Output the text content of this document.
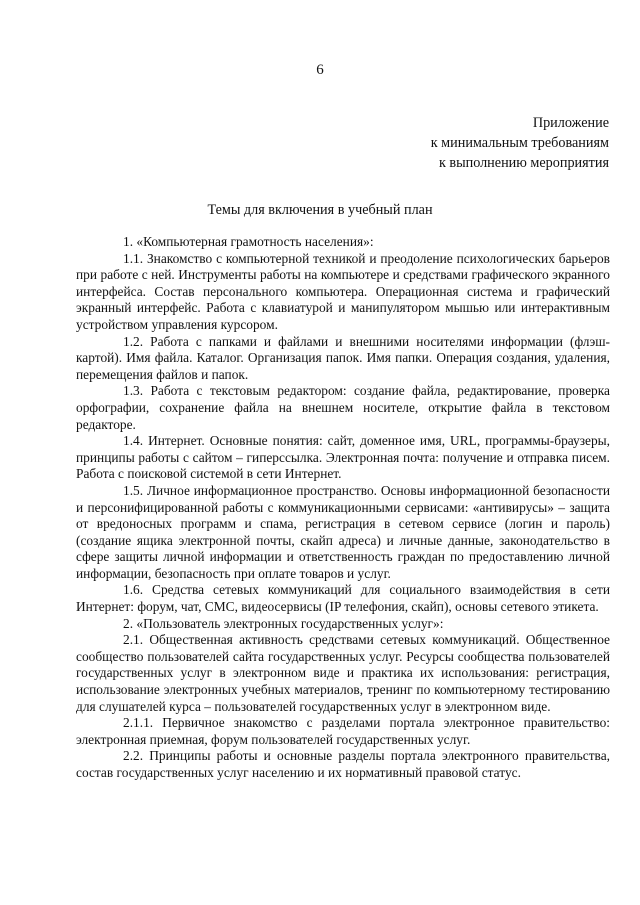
6
Приложение
к минимальным требованиям
к выполнению мероприятия
Темы для включения в учебный план

1. «Компьютерная грамотность населения»:

1.1. Знакомство с компьютерной техникой и преодоление психологических барьеров при работе с ней. Инструменты работы на компьютере и средствами графического экранного интерфейса. Состав персонального компьютера. Операционная система и графический экранный интерфейс. Работа с клавиатурой и манипулятором мышью или интерактивным устройством управления курсором.

1.2. Работа с папками и файлами и внешними носителями информации (флэш-картой). Имя файла. Каталог. Организация папок. Имя папки. Операция создания, удаления, перемещения файлов и папок.

1.3. Работа с текстовым редактором: создание файла, редактирование, проверка орфографии, сохранение файла на внешнем носителе, открытие файла в текстовом редакторе.

1.4. Интернет. Основные понятия: сайт, доменное имя, URL, программы-браузеры, принципы работы с сайтом – гиперссылка. Электронная почта: получение и отправка писем. Работа с поисковой системой в сети Интернет.

1.5. Личное информационное пространство. Основы информационной безопасности и персонифицированной работы с коммуникационными сервисами: «антивирусы» – защита от вредоносных программ и спама, регистрация в сетевом сервисе (логин и пароль) (создание ящика электронной почты, скайп адреса) и личные данные, законодательство в сфере защиты личной информации и ответственность граждан по предоставлению личной информации, безопасность при оплате товаров и услуг.

1.6. Средства сетевых коммуникаций для социального взаимодействия в сети Интернет: форум, чат, СМС, видеосервисы (IP телефония, скайп), основы сетевого этикета.

2. «Пользователь электронных государственных услуг»:

2.1. Общественная активность средствами сетевых коммуникаций. Общественное сообщество пользователей сайта государственных услуг. Ресурсы сообщества пользователей государственных услуг в электронном виде и практика их использования: регистрация, использование электронных учебных материалов, тренинг по компьютерному тестированию для слушателей курса – пользователей государственных услуг в электронном виде.

2.1.1. Первичное знакомство с разделами портала электронное правительство: электронная приемная, форум пользователей государственных услуг.

2.2. Принципы работы и основные разделы портала электронного правительства, состав государственных услуг населению и их нормативный правовой статус.
